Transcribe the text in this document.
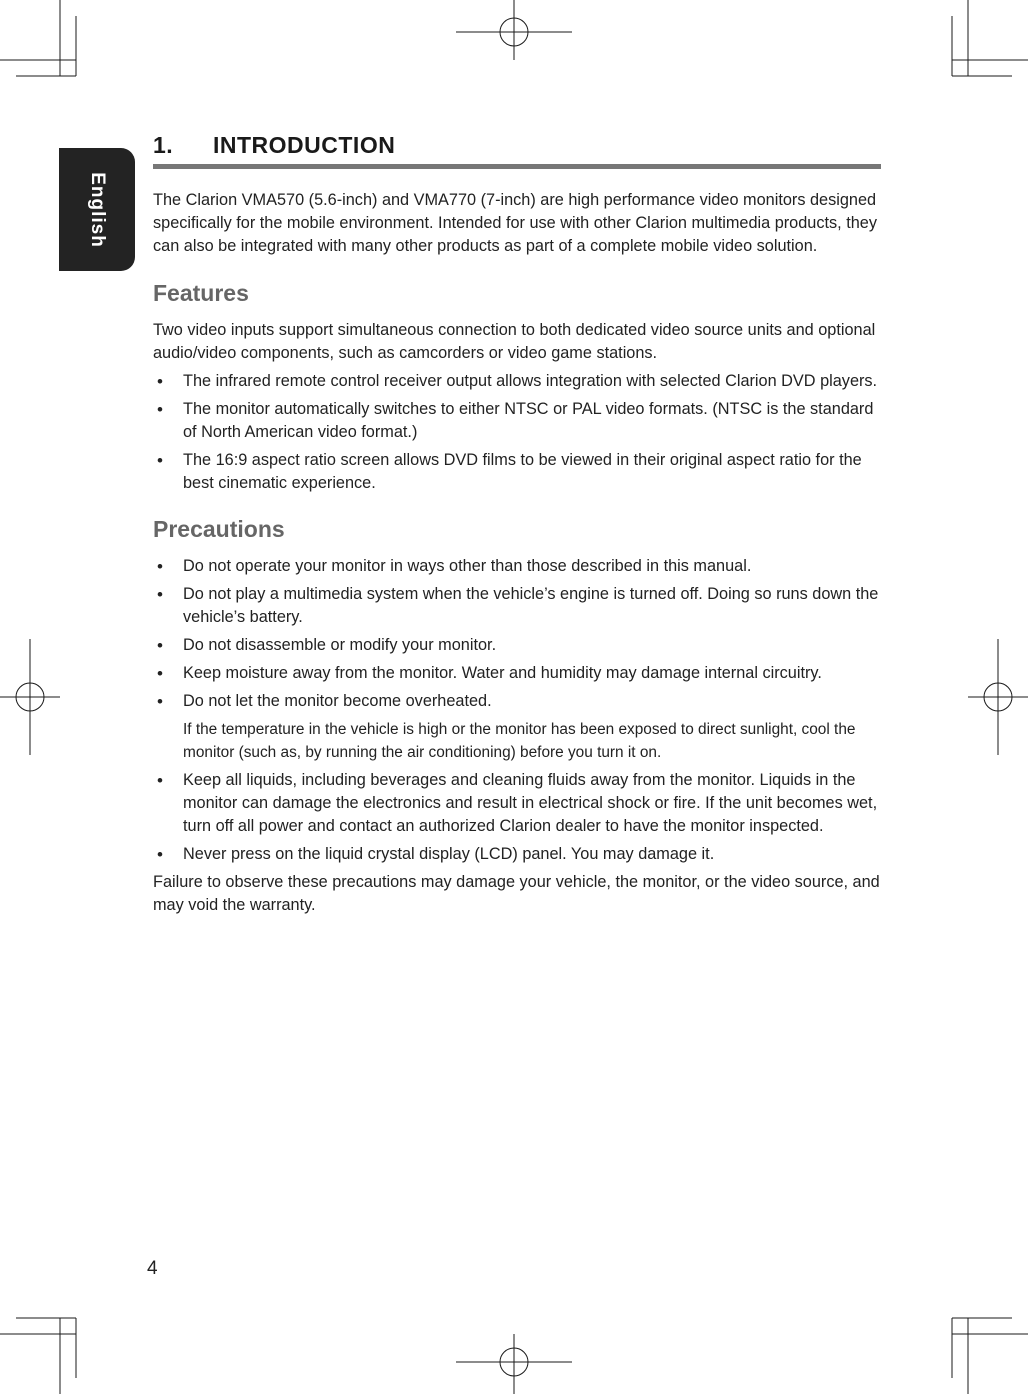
English
1.	INTRODUCTION

The Clarion VMA570 (5.6-inch) and VMA770 (7-inch) are high performance video monitors designed specifically for the mobile environment. Intended for use with other Clarion multimedia products, they can also be integrated with many other products as part of a complete mobile video solution.

Features

Two video inputs support simultaneous connection to both dedicated video source units and optional audio/video components, such as camcorders or video game stations.

• The infrared remote control receiver output allows integration with selected Clarion DVD players.
• The monitor automatically switches to either NTSC or PAL video formats. (NTSC is the standard of North American video format.)
• The 16:9 aspect ratio screen allows DVD films to be viewed in their original aspect ratio for the best cinematic experience.
Precautions
• Do not operate your monitor in ways other than those described in this manual.
• Do not play a multimedia system when the vehicle’s engine is turned off. Doing so runs down the vehicle’s battery.
• Do not disassemble or modify your monitor.
• Keep moisture away from the monitor. Water and humidity may damage internal circuitry.
• Do not let the monitor become overheated.

If the temperature in the vehicle is high or the monitor has been exposed to direct sunlight, cool the monitor (such as, by running the air conditioning) before you turn it on.

• Keep all liquids, including beverages and cleaning fluids away from the monitor. Liquids in the monitor can damage the electronics and result in electrical shock or fire. If the unit becomes wet, turn off all power and contact an authorized Clarion dealer to have the monitor inspected.
• Never press on the liquid crystal display (LCD) panel. You may damage it.

Failure to observe these precautions may damage your vehicle, the monitor, or the video source, and may void the warranty.

4
